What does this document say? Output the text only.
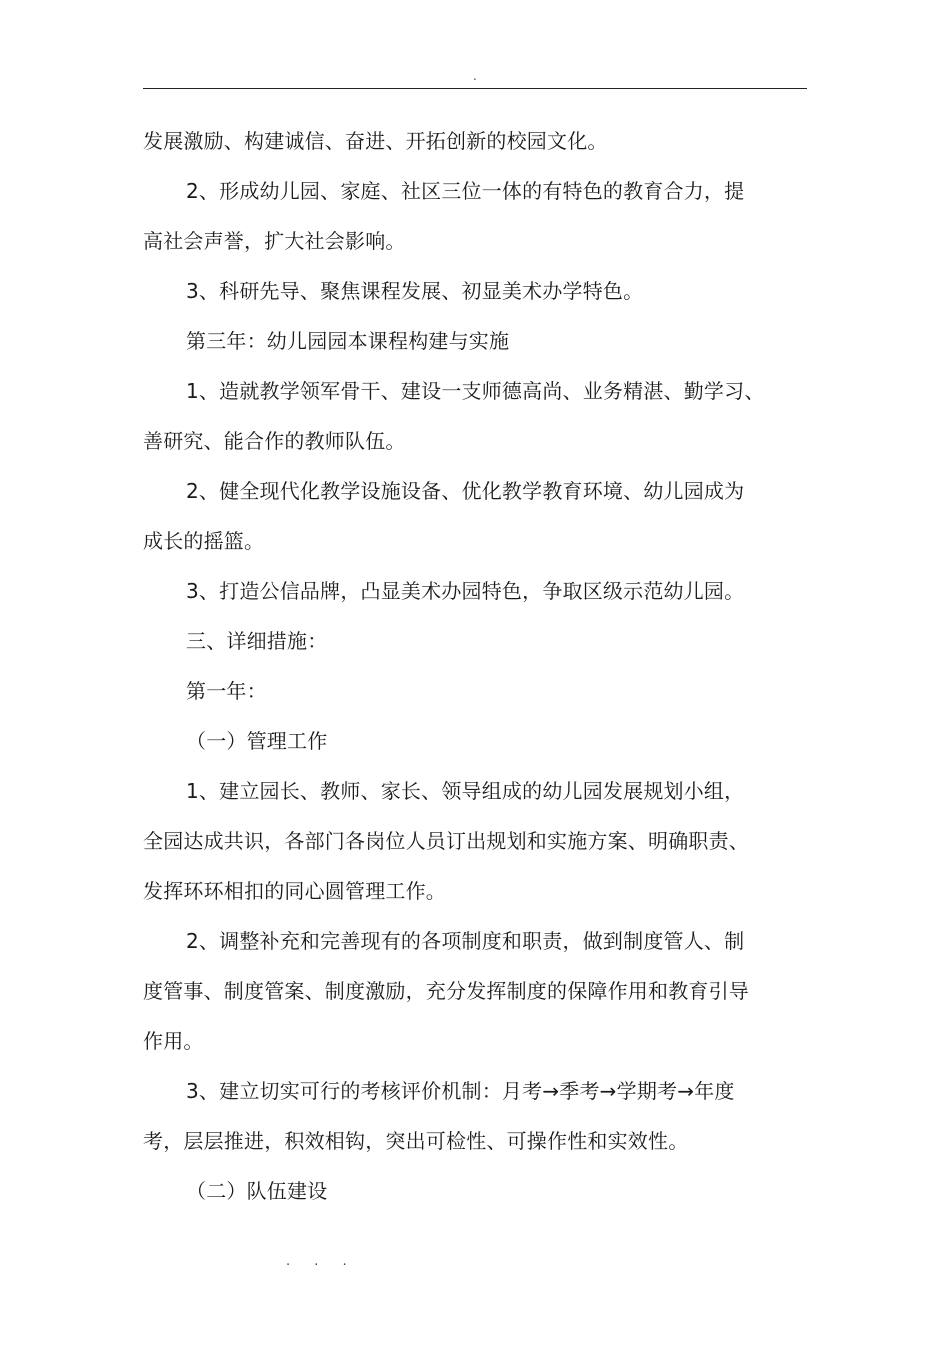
.
发展激励、构建诚信、奋进、开拓创新的校园文化。
2、形成幼儿园、家庭、社区三位一体的有特色的教育合力，提
高社会声誉，扩大社会影响。
3、科研先导、聚焦课程发展、初显美术办学特色。
第三年：幼儿园园本课程构建与实施
1、造就教学领军骨干、建设一支师德高尚、业务精湛、勤学习、
善研究、能合作的教师队伍。
2、健全现代化教学设施设备、优化教学教育环境、幼儿园成为
成长的摇篮。
3、打造公信品牌，凸显美术办园特色，争取区级示范幼儿园。
三、详细措施：
第一年：
（一）管理工作
1、建立园长、教师、家长、领导组成的幼儿园发展规划小组，
全园达成共识，各部门各岗位人员订出规划和实施方案、明确职责、
发挥环环相扣的同心圆管理工作。
2、调整补充和完善现有的各项制度和职责，做到制度管人、制
度管事、制度管案、制度激励，充分发挥制度的保障作用和教育引导
作用。
3、建立切实可行的考核评价机制：月考→季考→学期考→年度
考，层层推进，积效相钩，突出可检性、可操作性和实效性。
（二）队伍建设
. . .
